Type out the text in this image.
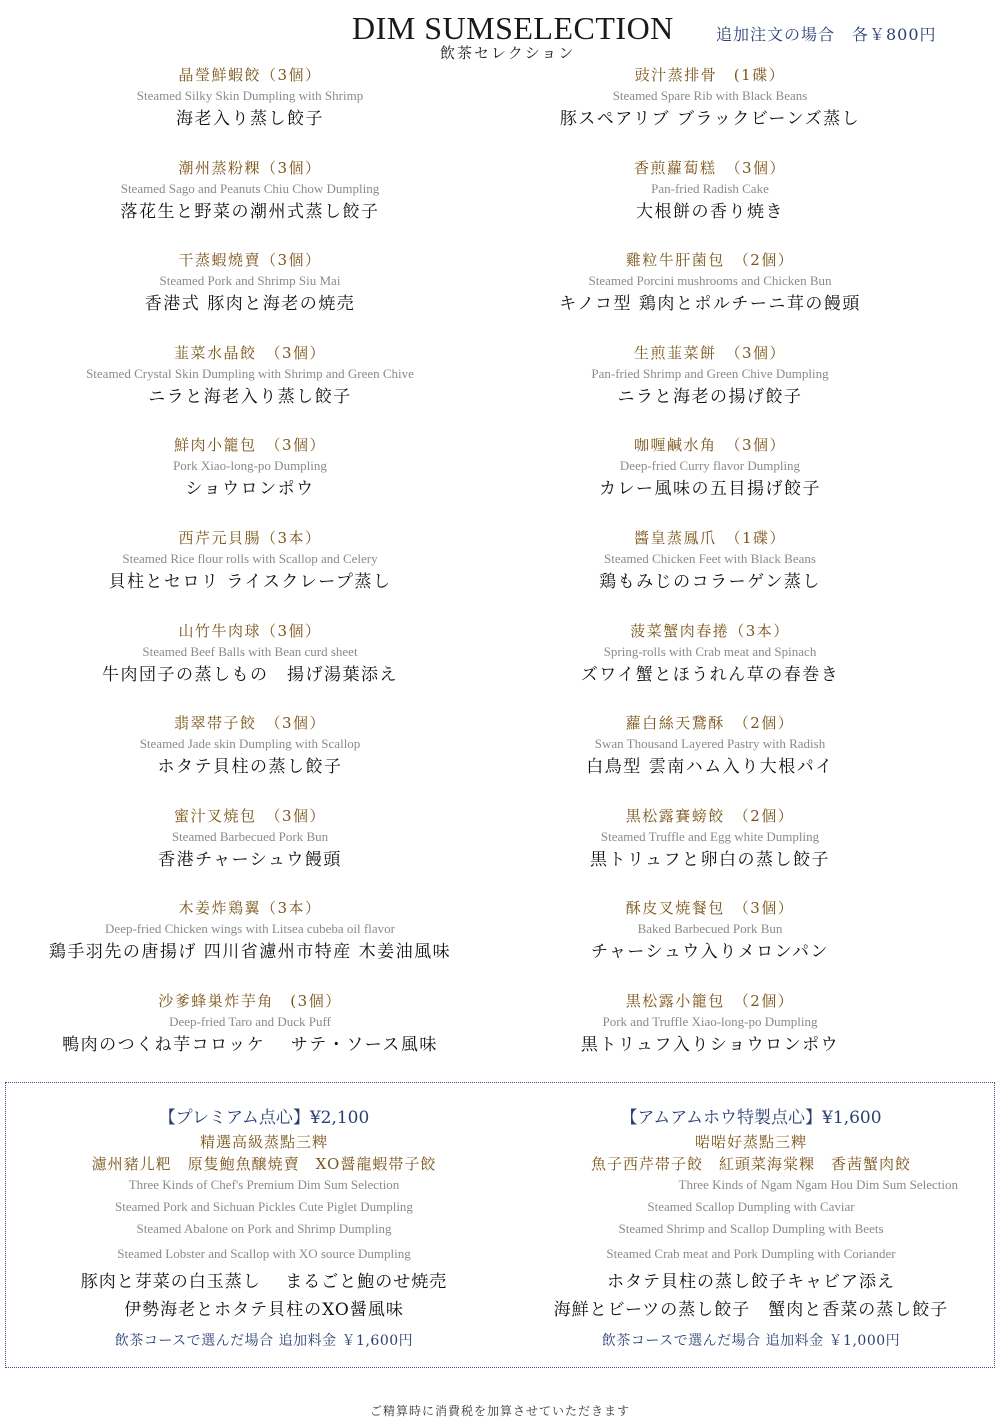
DIM SUMSELECTION
飲茶セレクション
追加注文の場合　各￥800円
晶瑩鮮蝦餃（3個）
Steamed Silky Skin Dumpling with Shrimp
海老入り蒸し餃子
潮州蒸粉粿（3個）
Steamed Sago and Peanuts Chiu Chow Dumpling
落花生と野菜の潮州式蒸し餃子
干蒸蝦燒賣（3個）
Steamed Pork and Shrimp Siu Mai
香港式 豚肉と海老の焼売
韮菜水晶餃　（3個）
Steamed Crystal Skin Dumpling with Shrimp and Green Chive
ニラと海老入り蒸し餃子
鮮肉小籠包　（3個）
Pork Xiao-long-po Dumpling
ショウロンポウ
西芹元貝腸（3本）
Steamed Rice flour rolls with Scallop and Celery
貝柱とセロリ ライスクレープ蒸し
山竹牛肉球（3個）
Steamed Beef Balls with Bean curd sheet
牛肉団子の蒸しもの　揚げ湯葉添え
翡翠帯子餃　（3個）
Steamed Jade skin Dumpling with Scallop
ホタテ貝柱の蒸し餃子
蜜汁叉焼包　（3個）
Steamed Barbecued Pork Bun
香港チャーシュウ饅頭
木姜炸鶏翼（3本）
Deep-fried Chicken wings with Litsea cubeba oil flavor
鶏手羽先の唐揚げ 四川省濾州市特産 木姜油風味
沙爹蜂巣炸芋角　(3個）
Deep-fried Taro and Duck Puff
鴨肉のつくね芋コロッケ　 サテ・ソース風味
豉汁蒸排骨　(1碟）
Steamed Spare Rib with Black Beans
豚スペアリブ ブラックビーンズ蒸し
香煎蘿蔔糕　（3個）
Pan-fried Radish Cake
大根餅の香り焼き
雞粒牛肝菌包　（2個）
Steamed Porcini mushrooms and Chicken Bun
キノコ型 鶏肉とポルチーニ茸の饅頭
生煎韮菜餅　（3個）
Pan-fried Shrimp and Green Chive Dumpling
ニラと海老の揚げ餃子
咖喱鹹水角　（3個）
Deep-fried Curry flavor Dumpling
カレー風味の五目揚げ餃子
醬皇蒸鳳爪　（1碟）
Steamed Chicken Feet with Black Beans
鶏もみじのコラーゲン蒸し
菠菜蟹肉春捲（3本）
Spring-rolls with Crab meat and Spinach
ズワイ蟹とほうれん草の春巻き
蘿白絲天鵞酥　（2個）
Swan Thousand Layered Pastry with Radish
白鳥型 雲南ハム入り大根パイ
黒松露賽螃餃　（2個）
Steamed Truffle and Egg white Dumpling
黒トリュフと卵白の蒸し餃子
酥皮叉焼餐包　（3個）
Baked Barbecued Pork Bun
チャーシュウ入りメロンパン
黒松露小籠包　（2個）
Pork and Truffle Xiao-long-po Dumpling
黒トリュフ入りショウロンポウ
【プレミアム点心】¥2,100
精選高級蒸點三粺
濾州豬儿粑　原隻鮑魚醸焼賣　XO醤龍蝦帯子餃
Three Kinds of Chef's Premium Dim Sum Selection
Steamed Pork and Sichuan Pickles Cute Piglet Dumpling
Steamed Abalone on Pork and Shrimp Dumpling
Steamed Lobster and Scallop with XO source Dumpling
豚肉と芽菜の白玉蒸し　 まるごと鮑のせ焼売
伊勢海老とホタテ貝柱のXO醤風味
飲茶コースで選んだ場合 追加料金 ￥1,600円
【アムアムホウ特製点心】¥1,600
啱啱好蒸點三粺
魚子西芹帯子餃　紅頭菜海棠粿　香茜蟹肉餃
Three Kinds of Ngam Ngam Hou Dim Sum Selection
Steamed Scallop Dumpling with Caviar
Steamed Shrimp and Scallop Dumpling with Beets
Steamed Crab meat and Pork Dumpling with Coriander
ホタテ貝柱の蒸し餃子キャビア添え
海鮮とビーツの蒸し餃子　蟹肉と香菜の蒸し餃子
飲茶コースで選んだ場合 追加料金 ￥1,000円
ご精算時に消費税を加算させていただきます
